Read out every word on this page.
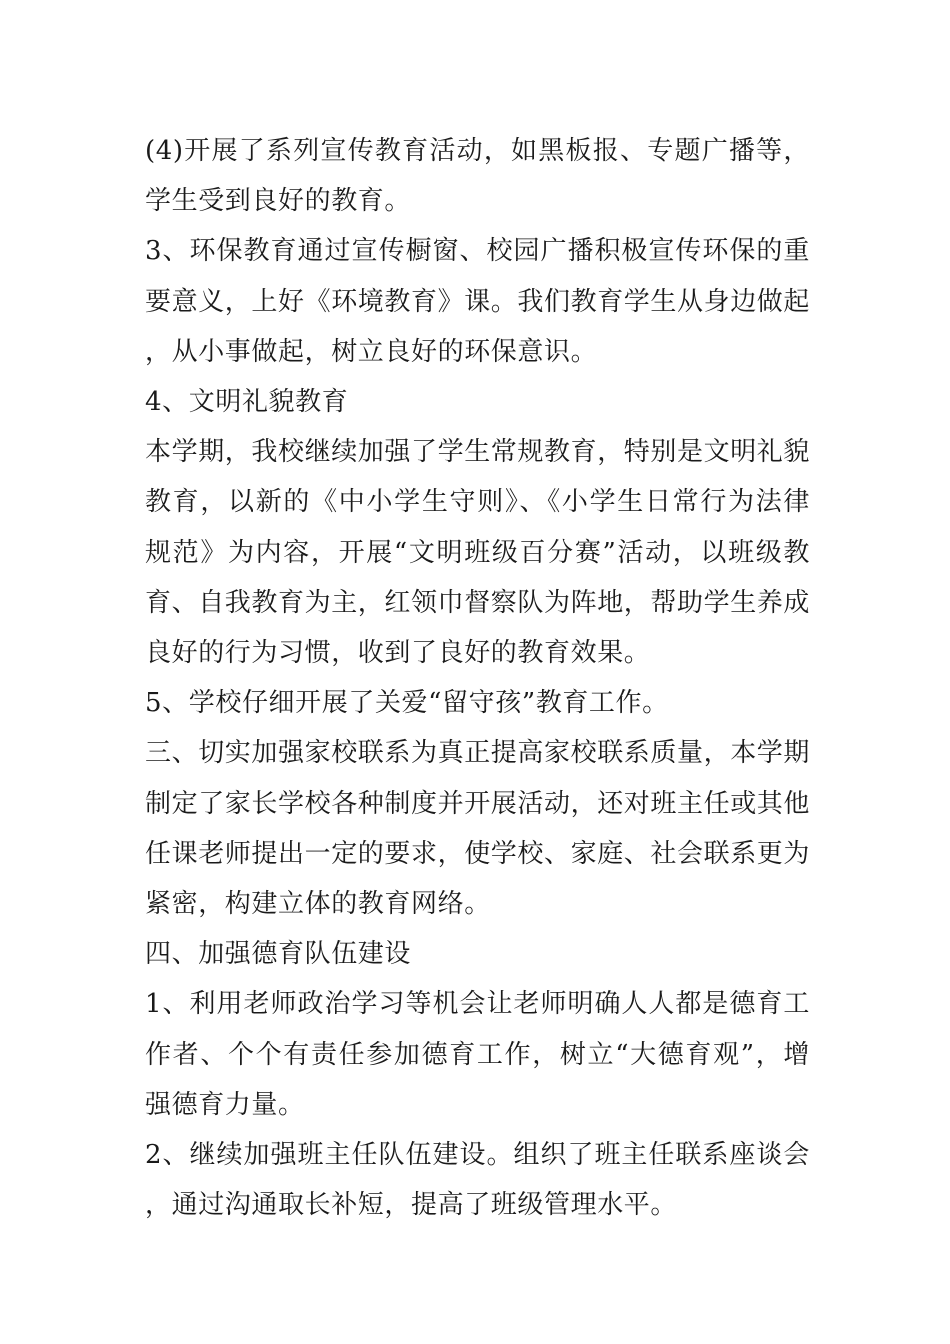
(4)开展了系列宣传教育活动，如黑板报、专题广播等，学生受到良好的教育。

3、环保教育通过宣传橱窗、校园广播积极宣传环保的重要意义，上好《环境教育》课。我们教育学生从身边做起，从小事做起，树立良好的环保意识。

4、文明礼貌教育

本学期，我校继续加强了学生常规教育，特别是文明礼貌教育，以新的《中小学生守则》、《小学生日常行为法律规范》为内容，开展“文明班级百分赛”活动，以班级教育、自我教育为主，红领巾督察队为阵地，帮助学生养成良好的行为习惯，收到了良好的教育效果。

5、学校仔细开展了关爱“留守孩”教育工作。

三、切实加强家校联系为真正提高家校联系质量，本学期制定了家长学校各种制度并开展活动，还对班主任或其他任课老师提出一定的要求，使学校、家庭、社会联系更为紧密，构建立体的教育网络。

四、加强德育队伍建设

1、利用老师政治学习等机会让老师明确人人都是德育工作者、个个有责任参加德育工作，树立“大德育观”，增强德育力量。

2、继续加强班主任队伍建设。组织了班主任联系座谈会，通过沟通取长补短，提高了班级管理水平。
